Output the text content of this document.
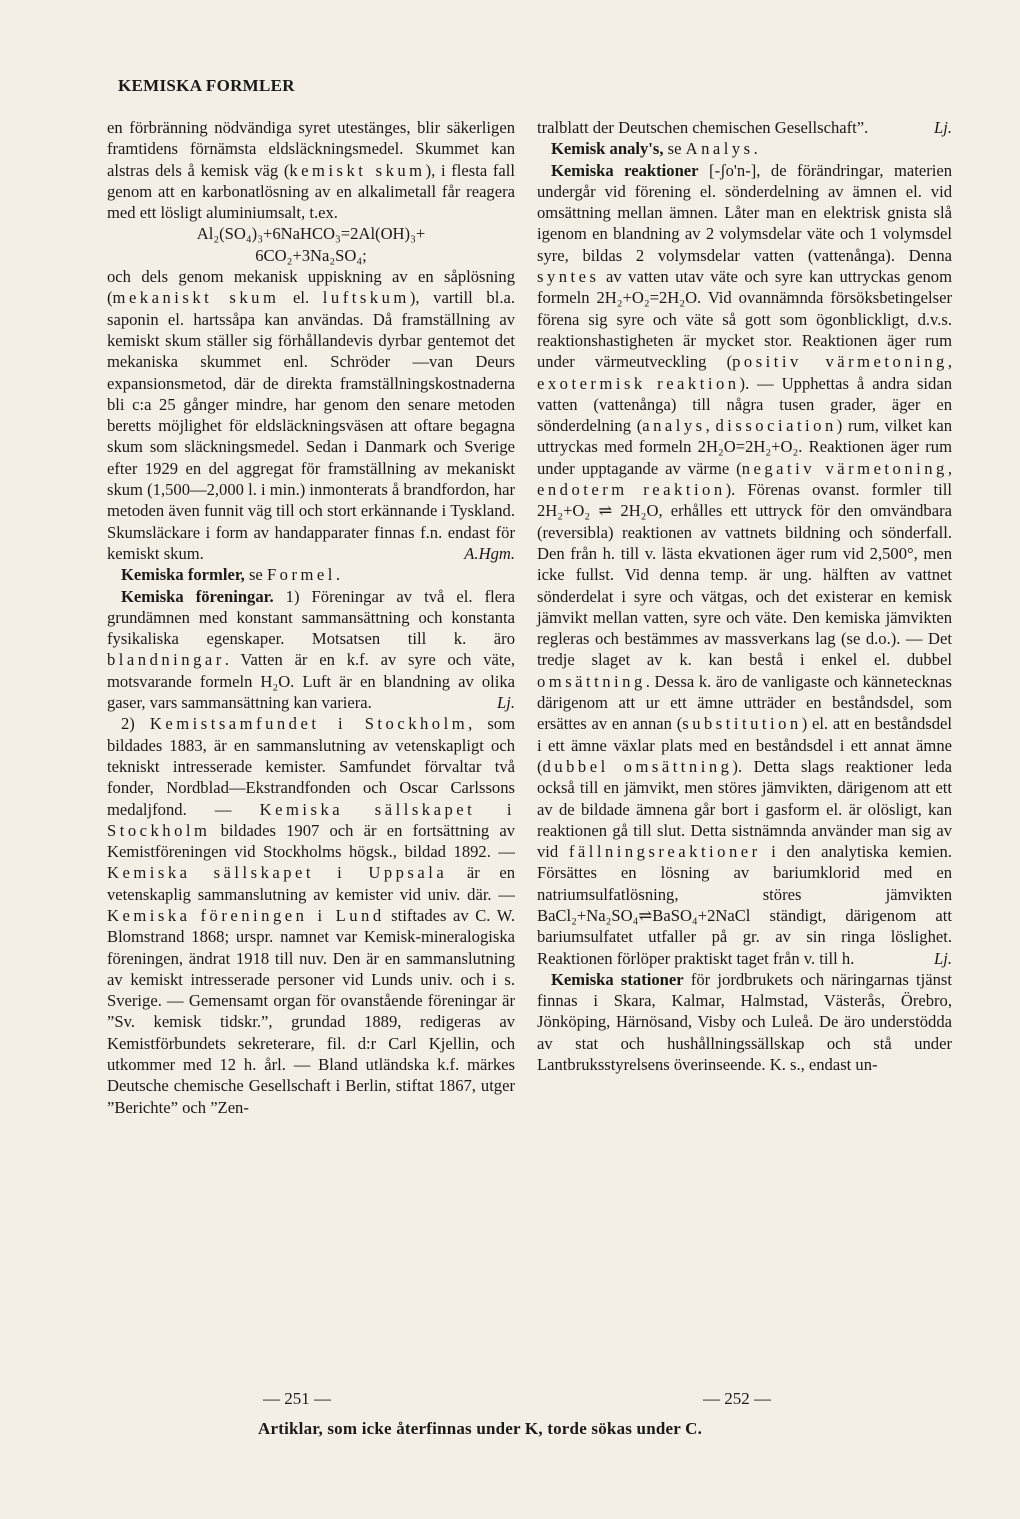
KEMISKA FORMLER

en förbränning nödvändiga syret utestänges, blir säkerligen framtidens förnämsta eldsläckningsmedel. Skummet kan alstras dels å kemisk väg (kemiskt skum), i flesta fall genom att en karbonatlösning av en alkalimetall får reagera med ett lösligt aluminiumsalt, t.ex.

Al₂(SO₄)₃+6NaHCO₃=2Al(OH)₃+

6CO₂+3Na₂SO₄;

och dels genom mekanisk uppiskning av en såplösning (mekaniskt skum el. luftskum), vartill bl.a. saponin el. hartssåpa kan användas. Då framställning av kemiskt skum ställer sig förhållandevis dyrbar gentemot det mekaniska skummet enl. Schröder —van Deurs expansionsmetod, där de direkta framställningskostnaderna bli c:a 25 gånger mindre, har genom den senare metoden beretts möjlighet för eldsläckningsväsen att oftare begagna skum som släckningsmedel. Sedan i Danmark och Sverige efter 1929 en del aggregat för framställning av mekaniskt skum (1,500—2,000 l. i min.) inmonterats å brandfordon, har metoden även funnit väg till och stort erkännande i Tyskland. Skumsläckare i form av handapparater finnas f.n. endast för kemiskt skum.	A.Hgm.

Kemiska formler, se Formel.

Kemiska föreningar. 1) Föreningar av två el. flera grundämnen med konstant sammansättning och konstanta fysikaliska egenskaper. Motsatsen till k. äro blandningar. Vatten är en k.f. av syre och väte, motsvarande formeln H₂O. Luft är en blandning av olika gaser, vars sammansättning kan variera.	Lj.

2) Kemistsamfundet i Stockholm, som bildades 1883, är en sammanslutning av vetenskapligt och tekniskt intresserade kemister. Samfundet förvaltar två fonder, Nordblad—Ekstrandfonden och Oscar Carlssons medaljfond. — Kemiska sällskapet i Stockholm bildades 1907 och är en fortsättning av Kemistföreningen vid Stockholms högsk., bildad 1892. — Kemiska sällskapet i Uppsala är en vetenskaplig sammanslutning av kemister vid univ. där. — Kemiska föreningen i Lund stiftades av C. W. Blomstrand 1868; urspr. namnet var Kemisk-mineralogiska föreningen, ändrat 1918 till nuv. Den är en sammanslutning av kemiskt intresserade personer vid Lunds univ. och i s. Sverige. — Gemensamt organ för ovanstående föreningar är ”Sv. kemisk tidskr.”, grundad 1889, redigeras av Kemistförbundets sekreterare, fil. d:r Carl Kjellin, och utkommer med 12 h. årl. — Bland utländska k.f. märkes Deutsche chemische Gesellschaft i Berlin, stiftat 1867, utger ”Berichte” och ”Zen-

tralblatt der Deutschen chemischen Gesellschaft”.	Lj.

Kemisk analy's, se Analys.

Kemiska reaktioner [-ʃo'n-], de förändringar, materien undergår vid förening el. sönderdelning av ämnen el. vid omsättning mellan ämnen. Låter man en elektrisk gnista slå igenom en blandning av 2 volymsdelar väte och 1 volymsdel syre, bildas 2 volymsdelar vatten (vattenånga). Denna syntes av vatten utav väte och syre kan uttryckas genom formeln 2H₂+O₂=2H₂O. Vid ovannämnda försöksbetingelser förena sig syre och väte så gott som ögonblickligt, d.v.s. reaktionshastigheten är mycket stor. Reaktionen äger rum under värmeutveckling (positiv värmetoning, exotermisk reaktion). — Upphettas å andra sidan vatten (vattenånga) till några tusen grader, äger en sönderdelning (analys, dissociation) rum, vilket kan uttryckas med formeln 2H₂O=2H₂+O₂. Reaktionen äger rum under upptagande av värme (negativ värmetoning, endoterm reaktion). Förenas ovanst. formler till 2H₂+O₂ ⇌ 2H₂O, erhålles ett uttryck för den omvändbara (reversibla) reaktionen av vattnets bildning och sönderfall. Den från h. till v. lästa ekvationen äger rum vid 2,500°, men icke fullst. Vid denna temp. är ung. hälften av vattnet sönderdelat i syre och vätgas, och det existerar en kemisk jämvikt mellan vatten, syre och väte. Den kemiska jämvikten regleras och bestämmes av massverkans lag (se d.o.). — Det tredje slaget av k. kan bestå i enkel el. dubbel omsättning. Dessa k. äro de vanligaste och kännetecknas därigenom att ur ett ämne utträder en beståndsdel, som ersättes av en annan (substitution) el. att en beståndsdel i ett ämne växlar plats med en beståndsdel i ett annat ämne (dubbel omsättning). Detta slags reaktioner leda också till en jämvikt, men störes jämvikten, därigenom att ett av de bildade ämnena går bort i gasform el. är olösligt, kan reaktionen gå till slut. Detta sistnämnda använder man sig av vid fällningsreaktioner i den analytiska kemien. Försättes en lösning av bariumklorid med en natriumsulfatlösning, störes jämvikten BaCl₂+Na₂SO₄⇌BaSO₄+2NaCl ständigt, därigenom att bariumsulfatet utfaller på gr. av sin ringa löslighet. Reaktionen förlöper praktiskt taget från v. till h.	Lj.

Kemiska stationer för jordbrukets och näringarnas tjänst finnas i Skara, Kalmar, Halmstad, Västerås, Örebro, Jönköping, Härnösand, Visby och Luleå. De äro understödda av stat och hushållningssällskap och stå under Lantbruksstyrelsens överinseende. K. s., endast un-

— 251 —	— 252 —
Artiklar, som icke återfinnas under K, torde sökas under C.
